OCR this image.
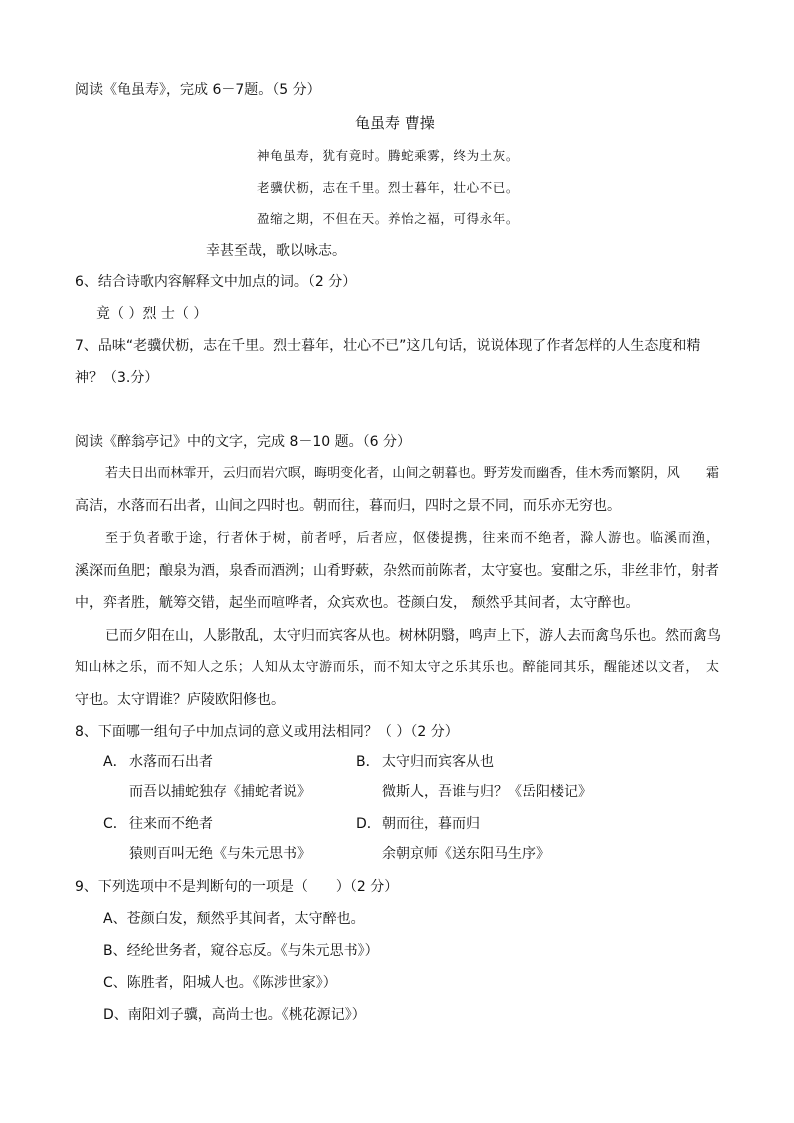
阅读《龟虽寿》，完成 6－7题。（5 分）
龟虽寿 曹操
神龟虽寿，犹有竟时。腾蛇乘雾，终为土灰。
老骥伏枥，志在千里。烈士暮年，壮心不已。
盈缩之期，不但在天。养怡之福，可得永年。
幸甚至哉，歌以咏志。
6、结合诗歌内容解释文中加点的词。（2 分）
竟（ ）烈 士（ ）
7、品味“老骥伏枥，志在千里。烈士暮年，壮心不已”这几句话，说说体现了作者怎样的人生态度和精
神？（3.分）
阅读《醉翁亭记》中的文字，完成 8－10 题。（6 分）
若夫日出而林霏开，云归而岩穴暝，晦明变化者，山间之朝暮也。野芳发而幽香，佳木秀而繁阴，风　　霜
高洁，水落而石出者，山间之四时也。朝而往，暮而归，四时之景不同，而乐亦无穷也。
至于负者歌于途，行者休于树，前者呼，后者应，伛偻提携，往来而不绝者，滁人游也。临溪而渔，
溪深而鱼肥；酿泉为酒，泉香而酒洌；山肴野蔌，杂然而前陈者，太守宴也。宴酣之乐，非丝非竹，射者
中，弈者胜，觥筹交错，起坐而喧哗者，众宾欢也。苍颜白发， 颓然乎其间者，太守醉也。
已而夕阳在山，人影散乱，太守归而宾客从也。树林阴翳，鸣声上下，游人去而禽鸟乐也。然而禽鸟
知山林之乐，而不知人之乐；人知从太守游而乐，而不知太守之乐其乐也。醉能同其乐，醒能述以文者，　太
守也。太守谓谁？庐陵欧阳修也。
8、下面哪一组句子中加点词的意义或用法相同？（ ）（2 分）
A． 水落而石出者
而吾以捕蛇独存《捕蛇者说》
B． 太守归而宾客从也
微斯人，吾谁与归？《岳阳楼记》
C． 往来而不绝者
猿则百叫无绝《与朱元思书》
D．朝而往，暮而归
余朝京师《送东阳马生序》
9、下列选项中不是判断句的一项是（　　）（2 分）
A、苍颜白发，颓然乎其间者，太守醉也。
B、经纶世务者，窥谷忘反。《与朱元思书》）
C、陈胜者，阳城人也。《陈涉世家》）
D、南阳刘子骥，高尚士也。《桃花源记》）
